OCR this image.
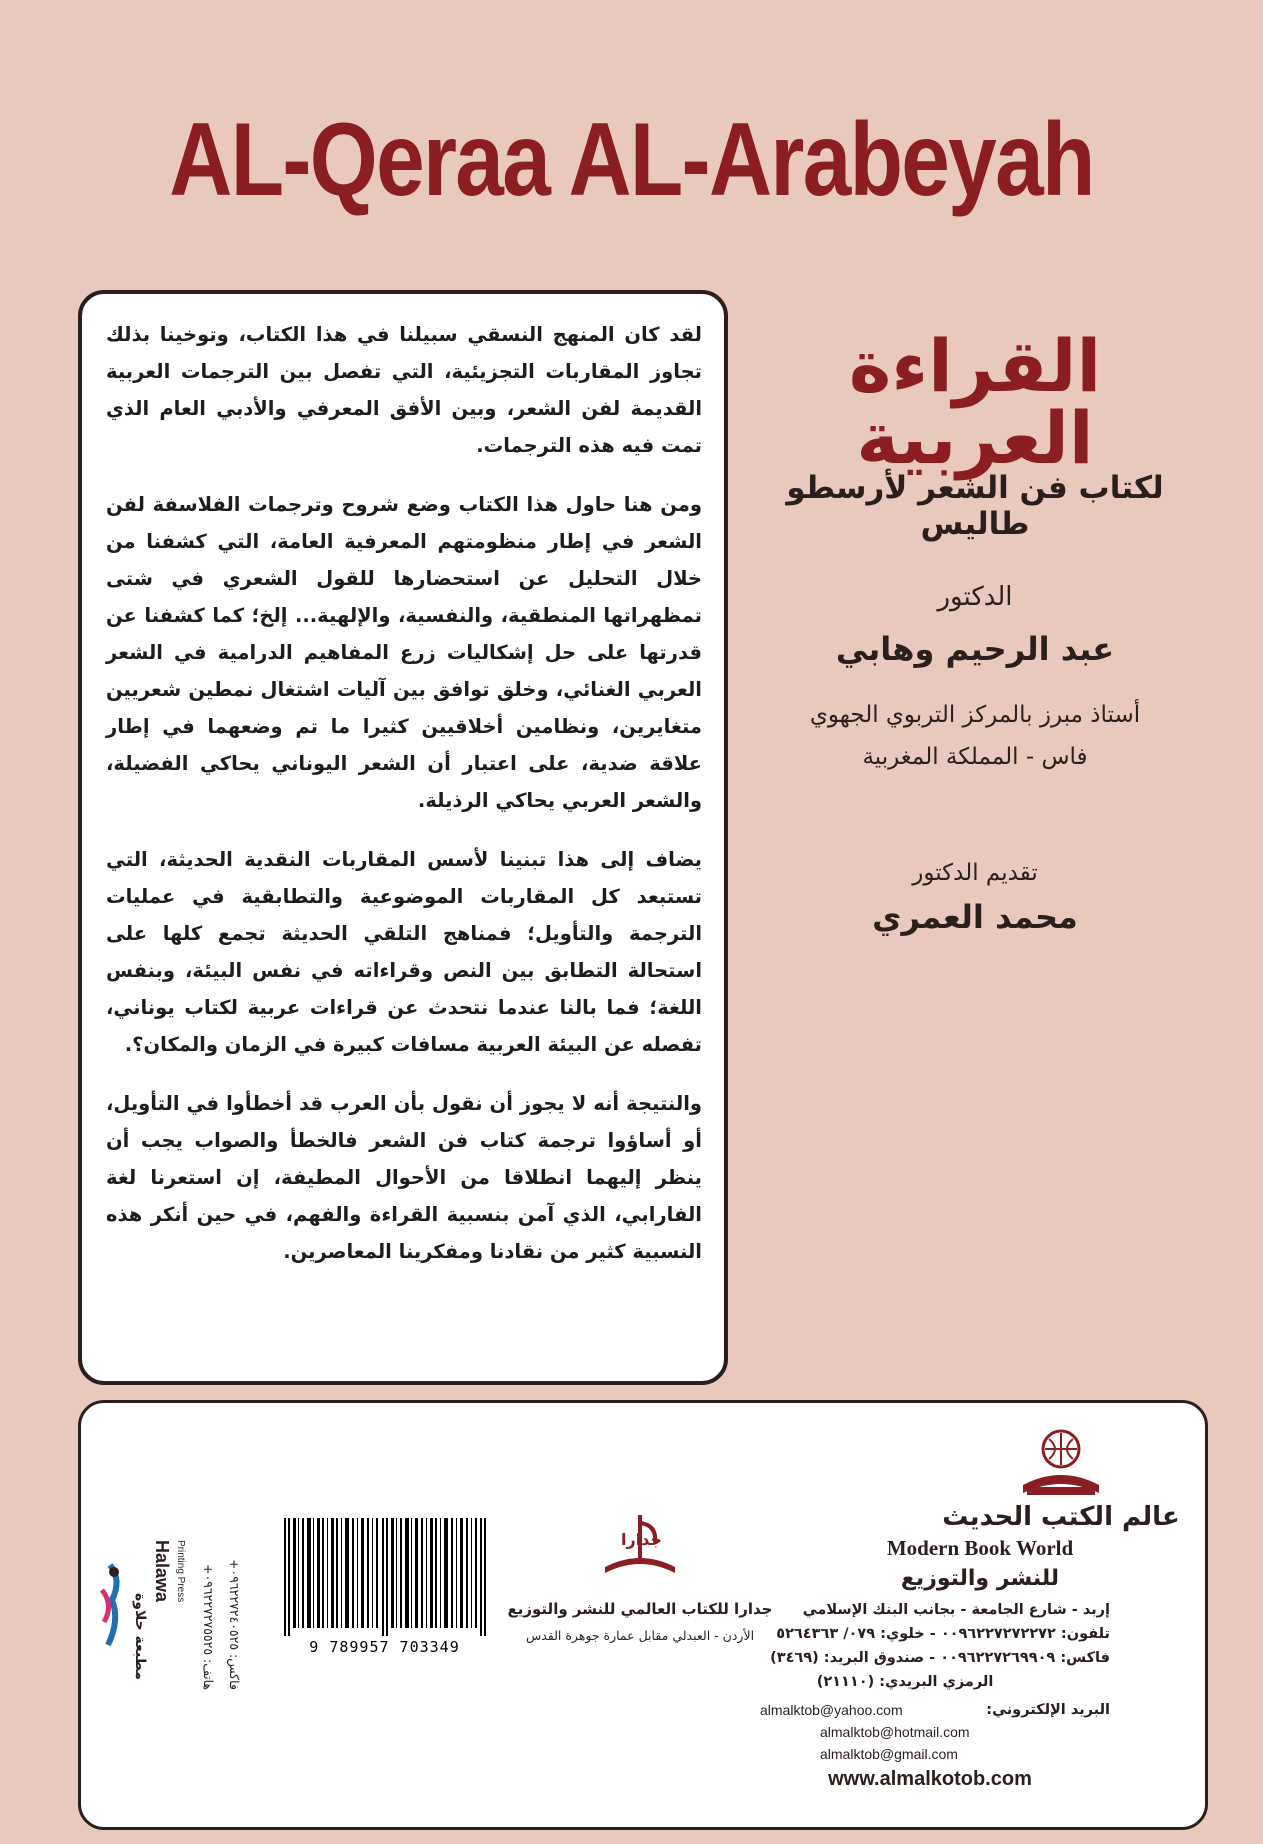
AL-Qeraa AL-Arabeyah

لقد كان المنهج النسقي سبيلنا في هذا الكتاب، وتوخينا بذلك تجاوز المقاربات التجزيئية، التي تفصل بين الترجمات العربية القديمة لفن الشعر، وبين الأفق المعرفي والأدبي العام الذي تمت فيه هذه الترجمات.

ومن هنا حاول هذا الكتاب وضع شروح وترجمات الفلاسفة لفن الشعر في إطار منظومتهم المعرفية العامة، التي كشفنا من خلال التحليل عن استحضارها للقول الشعري في شتى تمظهراتها المنطقية، والنفسية، والإلهية... إلخ؛ كما كشفنا عن قدرتها على حل إشكاليات زرع المفاهيم الدرامية في الشعر العربي الغنائي، وخلق توافق بين آليات اشتغال نمطين شعريين متغايرين، ونظامين أخلاقيين كثيرا ما تم وضعهما في إطار علاقة ضدية، على اعتبار أن الشعر اليوناني يحاكي الفضيلة، والشعر العربي يحاكي الرذيلة.

يضاف إلى هذا تبنينا لأسس المقاربات النقدية الحديثة، التي تستبعد كل المقاربات الموضوعية والتطابقية في عمليات الترجمة والتأويل؛ فمناهج التلقي الحديثة تجمع كلها على استحالة التطابق بين النص وقراءاته في نفس البيئة، وبنفس اللغة؛ فما بالنا عندما نتحدث عن قراءات عربية لكتاب يوناني، تفصله عن البيئة العربية مسافات كبيرة في الزمان والمكان؟.

والنتيجة أنه لا يجوز أن نقول بأن العرب قد أخطأوا في التأويل، أو أساؤوا ترجمة كتاب فن الشعر فالخطأ والصواب يجب أن ينظر إليهما انطلاقا من الأحوال المطيفة، إن استعرنا لغة الفارابي، الذي آمن بنسبية القراءة والفهم، في حين أنكر هذه النسبية كثير من نقادنا ومفكرينا المعاصرين.

القراءة العربية
لكتاب فن الشعر لأرسطو طاليس
الدكتور
عبد الرحيم وهابي
أستاذ مبرز بالمركز التربوي الجهوي
فاس - المملكة المغربية
تقديم الدكتور
محمد العمري
عالم الكتب الحديث
Modern Book World
للنشر والتوزيع
إربد - شارع الجامعة - بجانب البنك الإسلامي
تلفون: ٠٠٩٦٢٢٧٢٧٢٢٧٢ - خلوي: ٠٧٩/ ٥٢٦٤٣٦٣
فاكس: ٠٠٩٦٢٢٧٢٦٩٩٠٩ - صندوق البريد: (٣٤٦٩)
الرمزي البريدي: (٢١١١٠)
البريد الإلكتروني:
almalktob@yahoo.com
almalktob@hotmail.com
almalktob@gmail.com
www.almalkotob.com
جدارا
جدارا للكتاب العالمي للنشر والتوزيع
الأردن - العبدلي مقابل عمارة جوهرة القدس
9 789957 703349
مطبعة حلاوة
Halawa Printing Press	هاتف: ٠٩٦٢٢٧٢٧٥٥٢٥+
فاكس: ٠٩٦٢٢٧٢٤٠٥٢٥+
